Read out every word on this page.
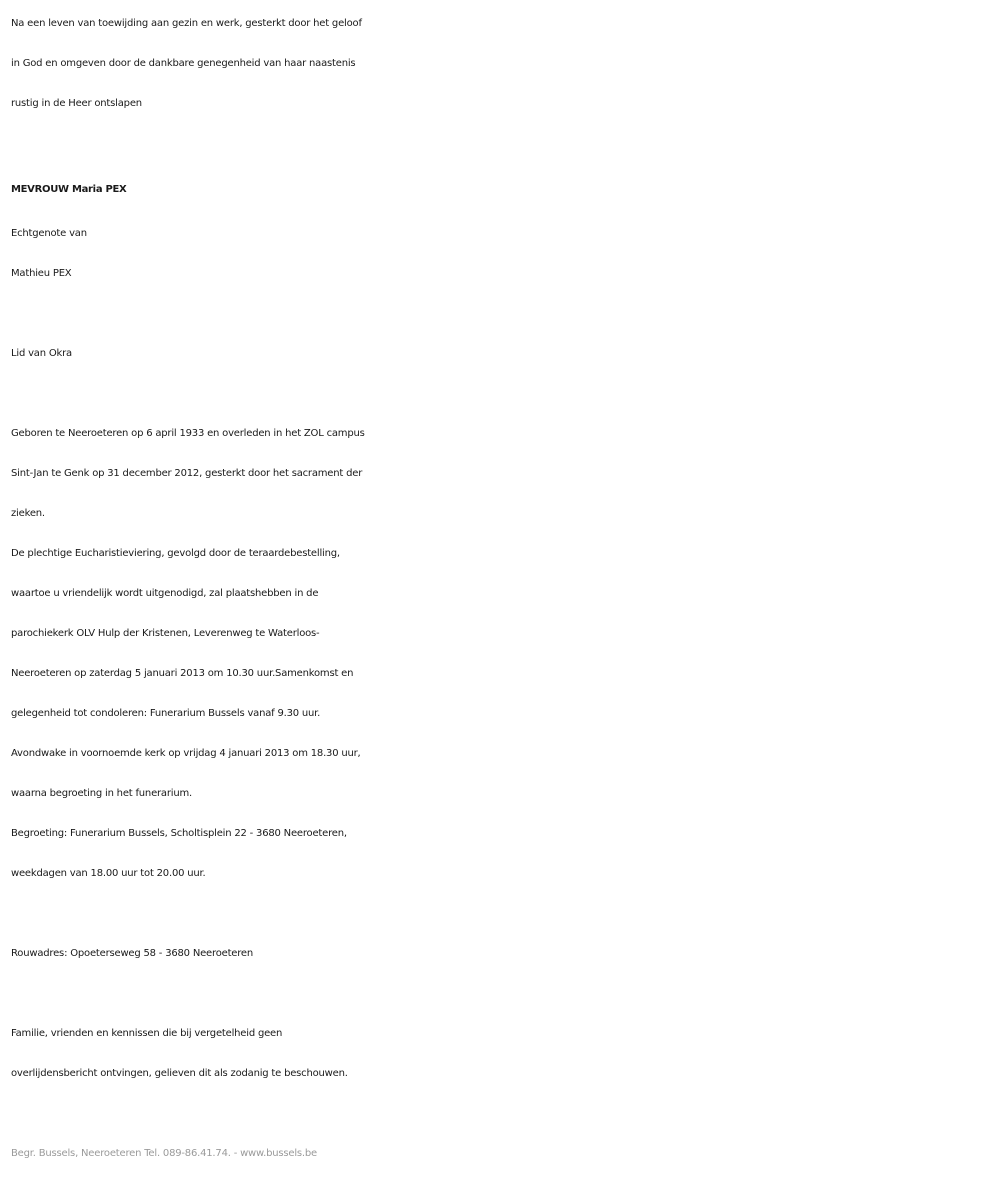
Na een leven van toewijding aan gezin en werk, gesterkt door het geloof
in God en omgeven door de dankbare genegenheid van haar naastenis
rustig in de Heer ontslapen
MEVROUW Maria PEX
Echtgenote van
Mathieu PEX
Lid van Okra
Geboren te Neeroeteren op 6 april 1933 en overleden in het ZOL campus
Sint-Jan te Genk op 31 december 2012, gesterkt door het sacrament der
zieken.
De plechtige Eucharistieviering, gevolgd door de teraardebestelling,
waartoe u vriendelijk wordt uitgenodigd, zal plaatshebben in de
parochiekerk OLV Hulp der Kristenen, Leverenweg te Waterloos-
Neeroeteren op zaterdag 5 januari 2013 om 10.30 uur.Samenkomst en
gelegenheid tot condoleren: Funerarium Bussels vanaf 9.30 uur.
Avondwake in voornoemde kerk op vrijdag 4 januari 2013 om 18.30 uur,
waarna begroeting in het funerarium.
Begroeting: Funerarium Bussels, Scholtisplein 22 - 3680 Neeroeteren,
weekdagen van 18.00 uur tot 20.00 uur.
Rouwadres: Opoeterseweg 58 - 3680 Neeroeteren
Familie, vrienden en kennissen die bij vergetelheid geen
overlijdensbericht ontvingen, gelieven dit als zodanig te beschouwen.
Begr. Bussels, Neeroeteren Tel. 089-86.41.74. - www.bussels.be
